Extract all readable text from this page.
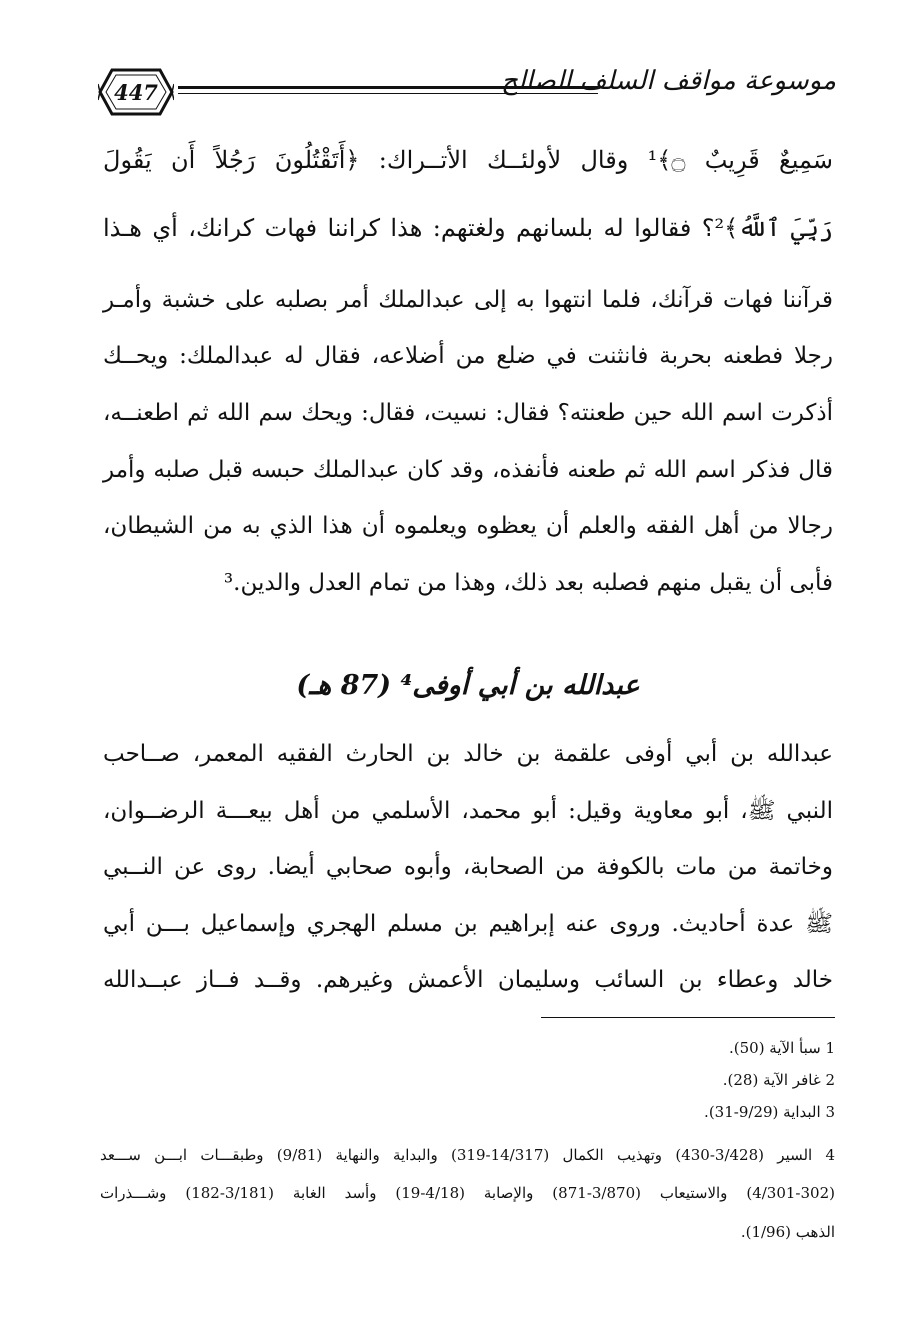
447	موسوعة مواقف السلف الصالح
سَمِيعٌ قَرِيبٌ ۝﴾¹ وقال لأولئــك الأتــراك: ﴿أَتَقْتُلُونَ رَجُلاً أَن يَقُولَ
رَبِّيَ ٱللَّهُ﴾²؟ فقالوا له بلسانهم ولغتهم: هذا كراننا فهات كرانك، أي هـذا
قرآننا فهات قرآنك، فلما انتهوا به إلى عبدالملك أمر بصلبه على خشبة وأمـر
رجلا فطعنه بحربة فانثنت في ضلع من أضلاعه، فقال له عبدالملك: ويحــك
أذكرت اسم الله حين طعنته؟ فقال: نسيت، فقال: ويحك سم الله ثم اطعنــه،
قال فذكر اسم الله ثم طعنه فأنفذه، وقد كان عبدالملك حبسه قبل صلبه وأمر
رجالا من أهل الفقه والعلم أن يعظوه ويعلموه أن هذا الذي به من الشيطان،
فأبى أن يقبل منهم فصلبه بعد ذلك، وهذا من تمام العدل والدين.³
عبدالله بن أبي أوفى⁴ (87 هـ)
عبدالله بن أبي أوفى علقمة بن خالد بن الحارث الفقيه المعمر، صــاحب
النبي ﷺ، أبو معاوية وقيل: أبو محمد، الأسلمي من أهل بيعـــة الرضــوان،
وخاتمة من مات بالكوفة من الصحابة، وأبوه صحابي أيضا. روى عن النــبي
ﷺ عدة أحاديث. وروى عنه إبراهيم بن مسلم الهجري وإسماعيل بـــن أبي
خالد وعطاء بن السائب وسليمان الأعمش وغيرهم. وقــد فــاز عبــدالله
1 سبأ الآية (50).
2 غافر الآية (28).
3 البداية (9/29-31).
4 السير (3/428-430) وتهذيب الكمال (14/317-319) والبداية والنهاية (9/81) وطبقـــات ابـــن ســـعد
(4/301-302) والاستيعاب (3/870-871) والإصابة (4/18-19) وأسد الغابة (3/181-182) وشـــذرات
الذهب (1/96).
